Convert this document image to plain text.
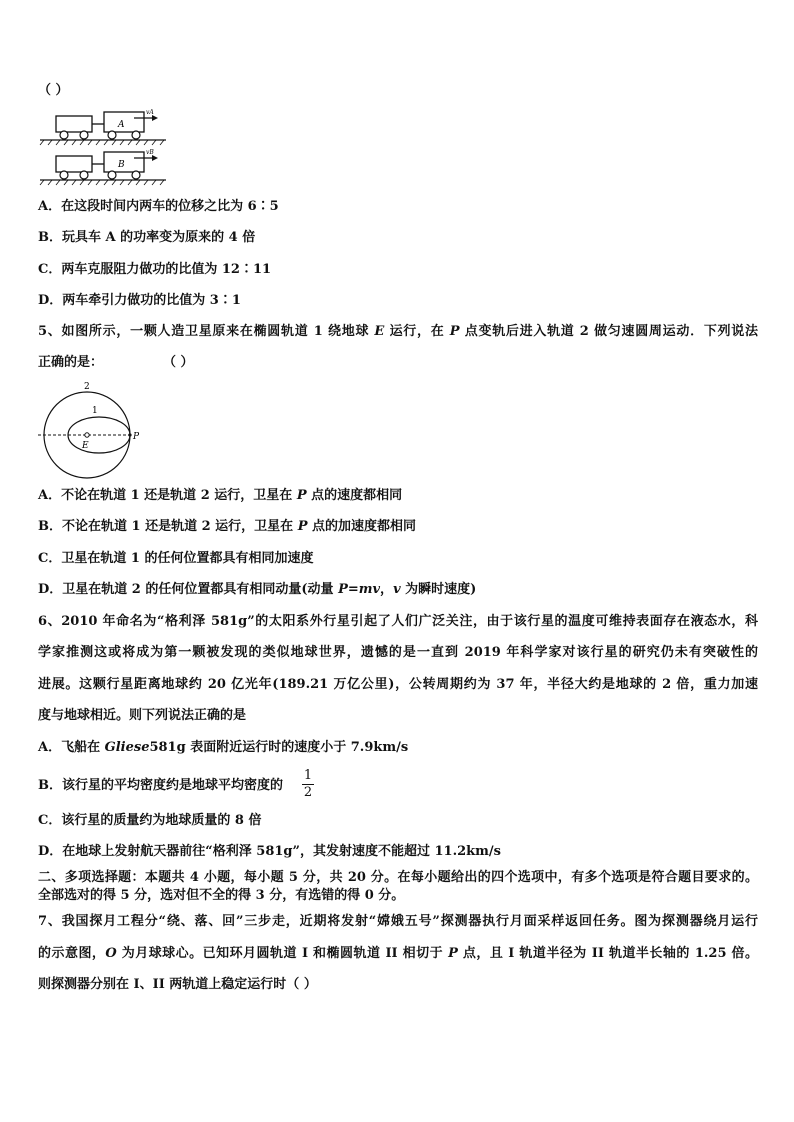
（ ）
A
vA
B
vB
A．在这段时间内两车的位移之比为 6∶5
B．玩具车 A 的功率变为原来的 4 倍
C．两车克服阻力做功的比值为 12∶11
D．两车牵引力做功的比值为 3∶1
5、如图所示，一颗人造卫星原来在椭圆轨道 1 绕地球 E 运行，在 P 点变轨后进入轨道 2 做匀速圆周运动．下列说法
正确的是：	（ ）
2
1
E
P
A．不论在轨道 1 还是轨道 2 运行，卫星在 P 点的速度都相同
B．不论在轨道 1 还是轨道 2 运行，卫星在 P 点的加速度都相同
C．卫星在轨道 1 的任何位置都具有相同加速度
D．卫星在轨道 2 的任何位置都具有相同动量(动量 P=mv，v 为瞬时速度)
6、2010 年命名为“格利泽 581g”的太阳系外行星引起了人们广泛关注，由于该行星的温度可维持表面存在液态水，科
学家推测这或将成为第一颗被发现的类似地球世界，遗憾的是一直到 2019 年科学家对该行星的研究仍未有突破性的
进展。这颗行星距离地球约 20 亿光年(189.21 万亿公里)，公转周期约为 37 年，半径大约是地球的 2 倍，重力加速
度与地球相近。则下列说法正确的是
A．飞船在 Gliese581g 表面附近运行时的速度小于 7.9km/s
B．该行星的平均密度约是地球平均密度的
1
2
C．该行星的质量约为地球质量的 8 倍
D．在地球上发射航天器前往“格利泽 581g”，其发射速度不能超过 11.2km/s
二、多项选择题：本题共 4 小题，每小题 5 分，共 20 分。在每小题给出的四个选项中，有多个选项是符合题目要求的。
全部选对的得 5 分，选对但不全的得 3 分，有选错的得 0 分。
7、我国探月工程分“绕、落、回”三步走，近期将发射“嫦娥五号”探测器执行月面采样返回任务。图为探测器绕月运行
的示意图，O 为月球球心。已知环月圆轨道 I 和椭圆轨道 II 相切于 P 点，且 I 轨道半径为 II 轨道半长轴的 1.25 倍。
则探测器分别在 I、II 两轨道上稳定运行时（ ）
